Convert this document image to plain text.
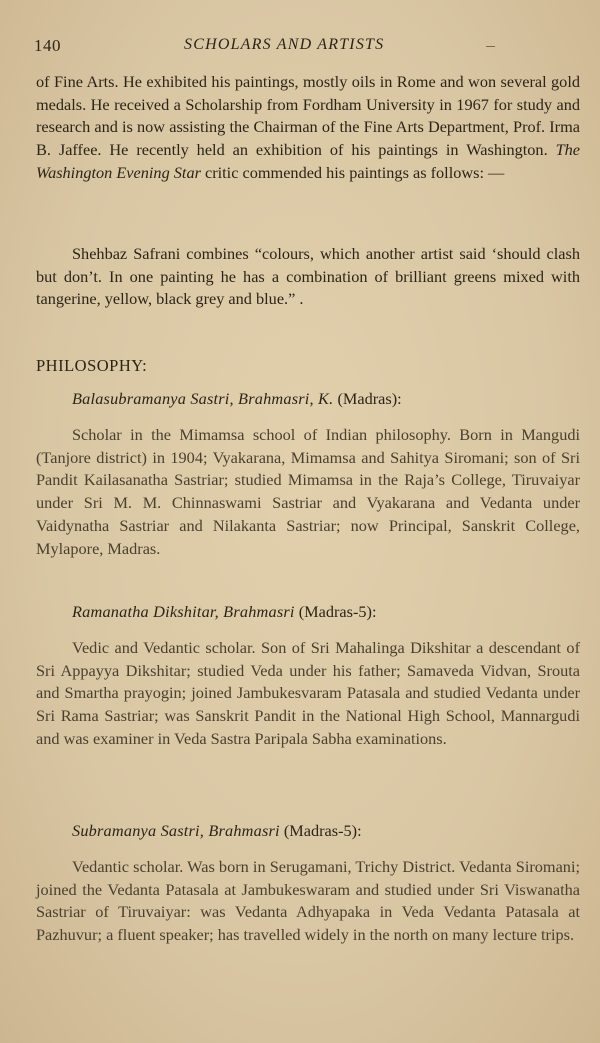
140	SCHOLARS AND ARTISTS

of Fine Arts. He exhibited his paintings, mostly oils in Rome and won several gold medals. He received a Scholarship from Fordham University in 1967 for study and research and is now assisting the Chairman of the Fine Arts Department, Prof. Irma B. Jaffee. He recently held an exhibition of his paintings in Washington. The Washington Evening Star critic commended his paintings as follows: —

Shehbaz Safrani combines “colours, which another artist said ‘should clash but don’t. In one painting he has a combination of brilliant greens mixed with tangerine, yellow, black grey and blue.” .

PHILOSOPHY:

Balasubramanya Sastri, Brahmasri, K. (Madras):

Scholar in the Mimamsa school of Indian philosophy. Born in Mangudi (Tanjore district) in 1904; Vyakarana, Mimamsa and Sahitya Siromani; son of Sri Pandit Kailasanatha Sastriar; studied Mimamsa in the Raja’s College, Tiruvaiyar under Sri M. M. Chinnaswami Sastriar and Vyakarana and Vedanta under Vaidynatha Sastriar and Nilakanta Sastriar; now Principal, Sanskrit College, Mylapore, Madras.

Ramanatha Dikshitar, Brahmasri (Madras-5):

Vedic and Vedantic scholar. Son of Sri Mahalinga Dikshitar a descendant of Sri Appayya Dikshitar; studied Veda under his father; Samaveda Vidvan, Srouta and Smartha prayogin; joined Jambukesvaram Patasala and studied Vedanta under Sri Rama Sastriar; was Sanskrit Pandit in the National High School, Mannargudi and was examiner in Veda Sastra Paripala Sabha examinations.

Subramanya Sastri, Brahmasri (Madras-5):

Vedantic scholar. Was born in Serugamani, Trichy District. Vedanta Siromani; joined the Vedanta Patasala at Jambukeswaram and studied under Sri Viswanatha Sastriar of Tiruvaiyar: was Vedanta Adhyapaka in Veda Vedanta Patasala at Pazhuvur; a fluent speaker; has travelled widely in the north on many lecture trips.
